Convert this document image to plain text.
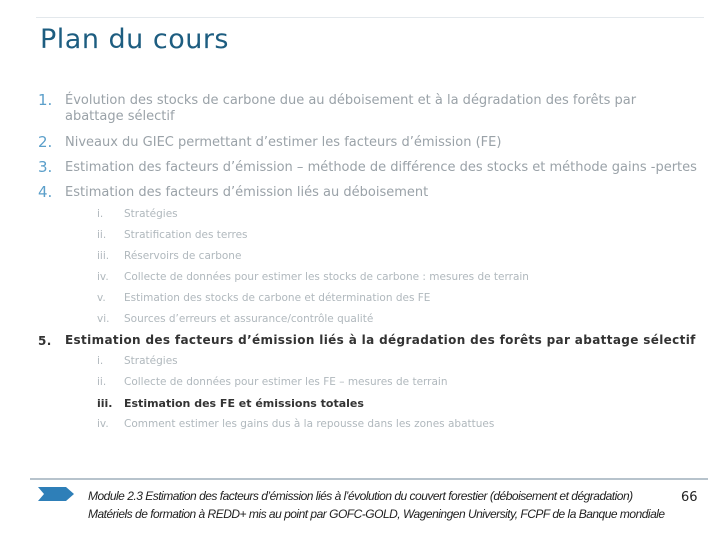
Plan du cours
1. Évolution des stocks de carbone due au déboisement et à la dégradation des forêts par abattage sélectif
2. Niveaux du GIEC permettant d’estimer les facteurs d’émission (FE)
3. Estimation des facteurs d’émission – méthode de différence des stocks et méthode gains -pertes
4. Estimation des facteurs d’émission liés au déboisement
i. Stratégies
ii. Stratification des terres
iii. Réservoirs de carbone
iv. Collecte de données pour estimer les stocks de carbone : mesures de terrain
v. Estimation des stocks de carbone et détermination des FE
vi. Sources d’erreurs et assurance/contrôle qualité
5. Estimation des facteurs d’émission liés à la dégradation des forêts par abattage sélectif
i. Stratégies
ii. Collecte de données pour estimer les FE – mesures de terrain
iii. Estimation des FE et émissions totales
iv. Comment estimer les gains dus à la repousse dans les zones abattues
Module 2.3 Estimation des facteurs d’émission liés à l’évolution du couvert forestier (déboisement et dégradation)
Matériels de formation à REDD+ mis au point par GOFC-GOLD, Wageningen University, FCPF de la Banque mondiale
66
